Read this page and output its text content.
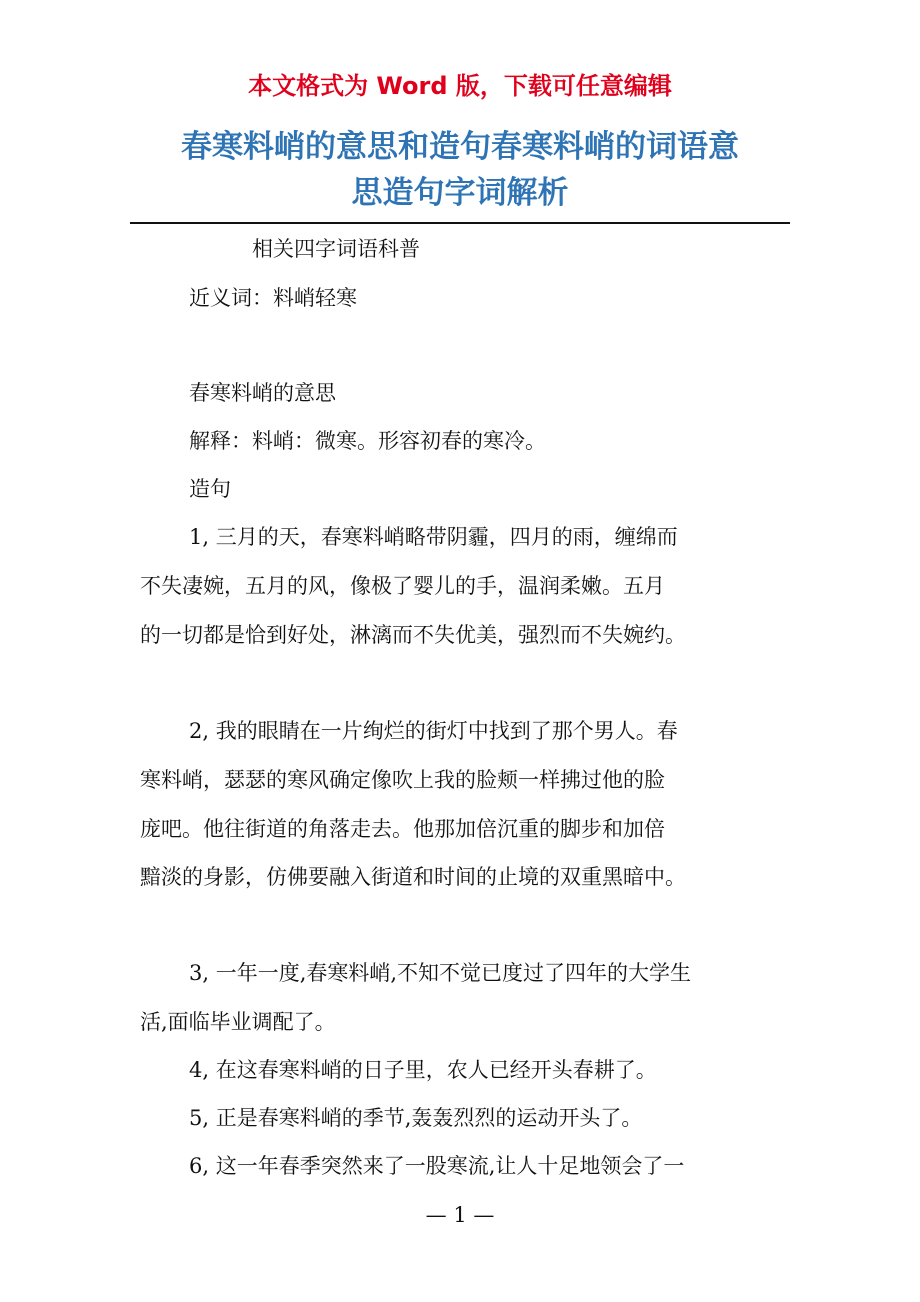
本文格式为 Word 版，下载可任意编辑
春寒料峭的意思和造句春寒料峭的词语意
思造句字词解析
相关四字词语科普
近义词：料峭轻寒
春寒料峭的意思
解释：料峭：微寒。形容初春的寒冷。
造句
1, 三月的天，春寒料峭略带阴霾，四月的雨，缠绵而
不失凄婉，五月的风，像极了婴儿的手，温润柔嫩。五月
的一切都是恰到好处，淋漓而不失优美，强烈而不失婉约。
2, 我的眼睛在一片绚烂的街灯中找到了那个男人。春
寒料峭，瑟瑟的寒风确定像吹上我的脸颊一样拂过他的脸
庞吧。他往街道的角落走去。他那加倍沉重的脚步和加倍
黯淡的身影，仿佛要融入街道和时间的止境的双重黑暗中。
3, 一年一度,春寒料峭,不知不觉已度过了四年的大学生
活,面临毕业调配了。
4, 在这春寒料峭的日子里，农人已经开头春耕了。
5, 正是春寒料峭的季节,轰轰烈烈的运动开头了。
6, 这一年春季突然来了一股寒流,让人十足地领会了一
— 1 —
